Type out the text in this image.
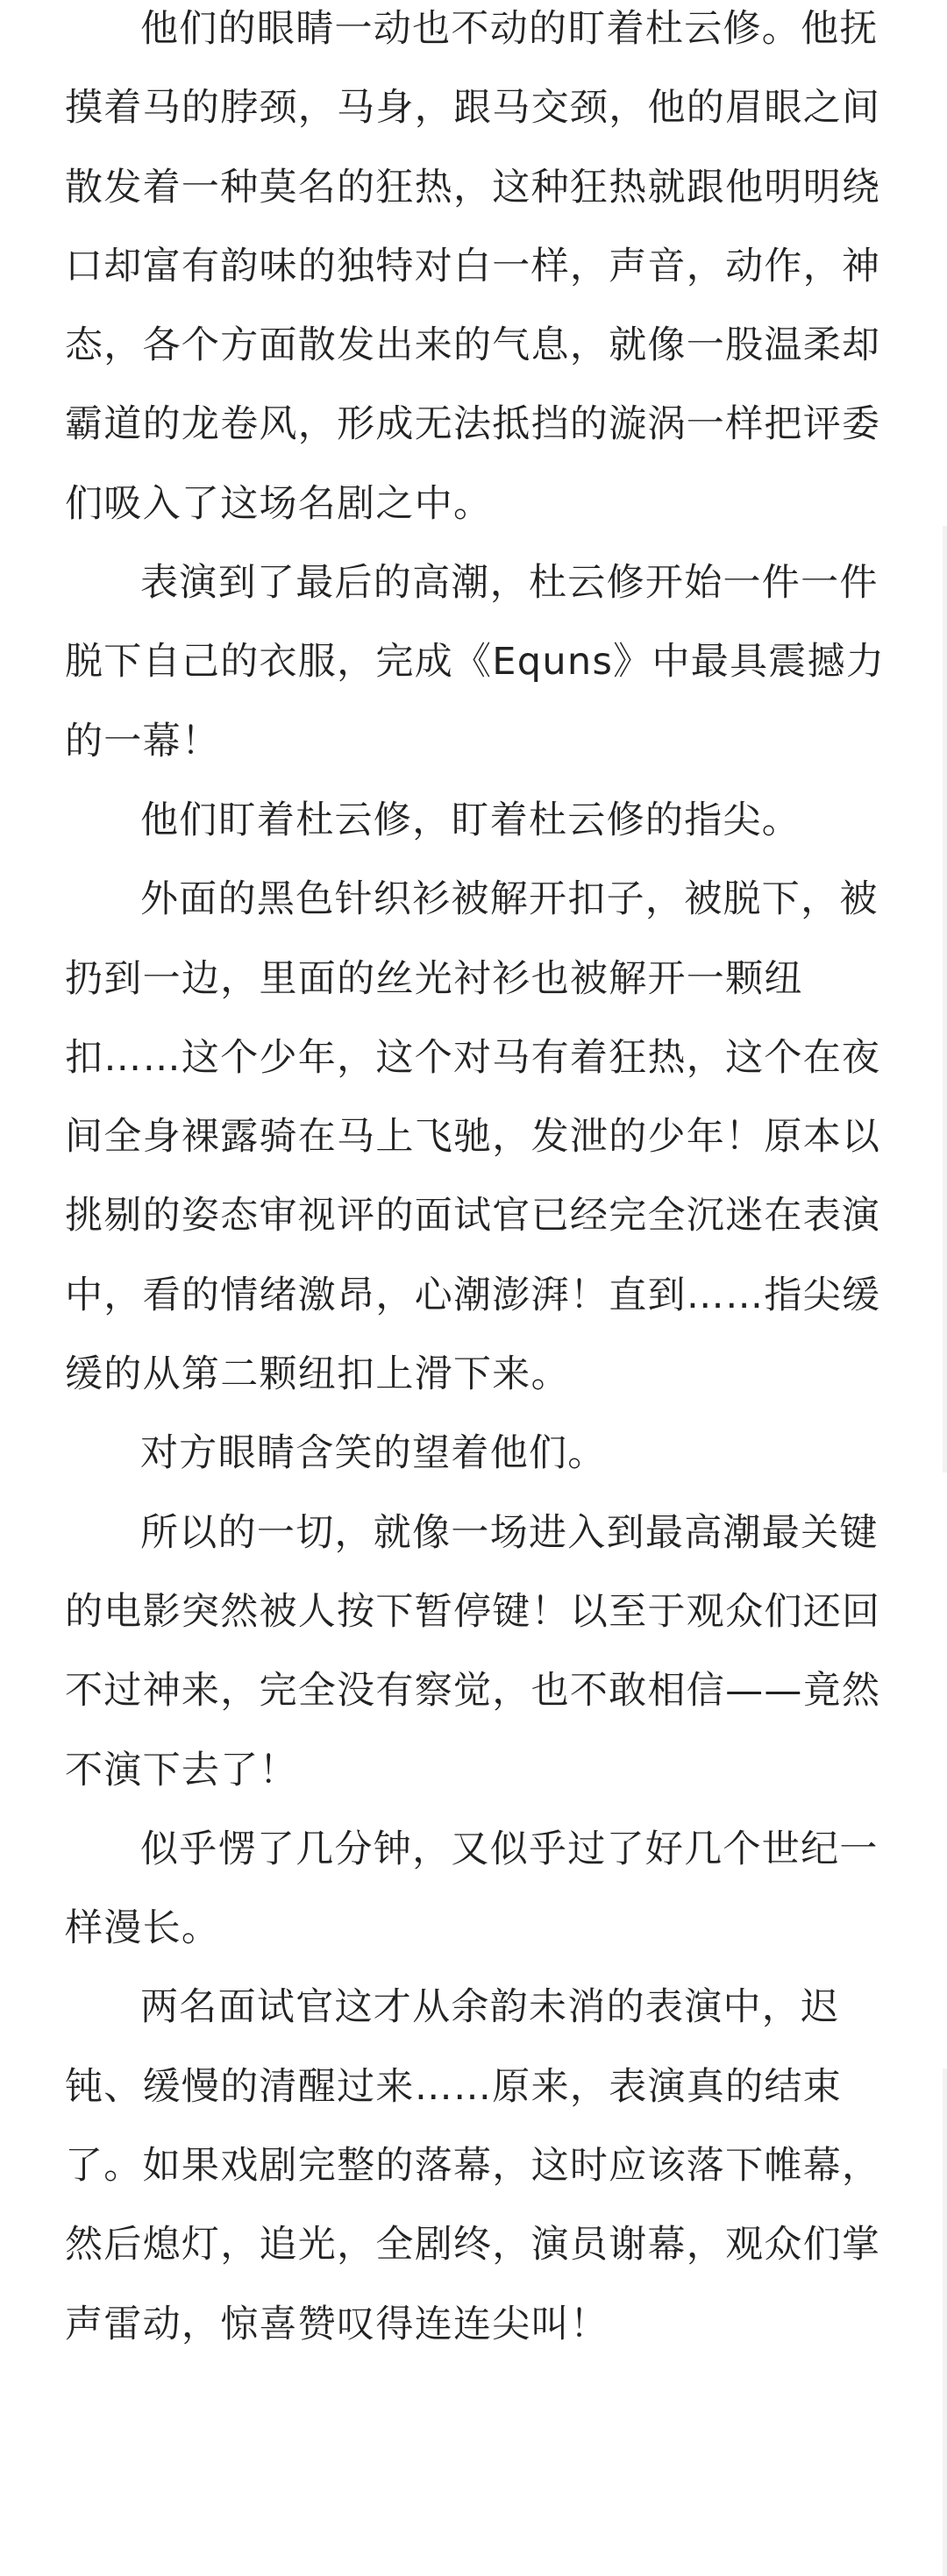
他们的眼睛一动也不动的盯着杜云修。他抚摸着马的脖颈，马身，跟马交颈，他的眉眼之间散发着一种莫名的狂热，这种狂热就跟他明明绕口却富有韵味的独特对白一样，声音，动作，神态，各个方面散发出来的气息，就像一股温柔却霸道的龙卷风，形成无法抵挡的漩涡一样把评委们吸入了这场名剧之中。

表演到了最后的高潮，杜云修开始一件一件脱下自己的衣服，完成《Equns》中最具震撼力的一幕！

他们盯着杜云修，盯着杜云修的指尖。

外面的黑色针织衫被解开扣子，被脱下，被扔到一边，里面的丝光衬衫也被解开一颗纽扣……这个少年，这个对马有着狂热，这个在夜间全身裸露骑在马上飞驰，发泄的少年！原本以挑剔的姿态审视评的面试官已经完全沉迷在表演中，看的情绪激昂，心潮澎湃！直到……指尖缓缓的从第二颗纽扣上滑下来。

对方眼睛含笑的望着他们。

所以的一切，就像一场进入到最高潮最关键的电影突然被人按下暂停键！以至于观众们还回不过神来，完全没有察觉，也不敢相信——竟然不演下去了！

似乎愣了几分钟，又似乎过了好几个世纪一样漫长。

两名面试官这才从余韵未消的表演中，迟钝、缓慢的清醒过来……原来，表演真的结束了。如果戏剧完整的落幕，这时应该落下帷幕，然后熄灯，追光，全剧终，演员谢幕，观众们掌声雷动，惊喜赞叹得连连尖叫！
